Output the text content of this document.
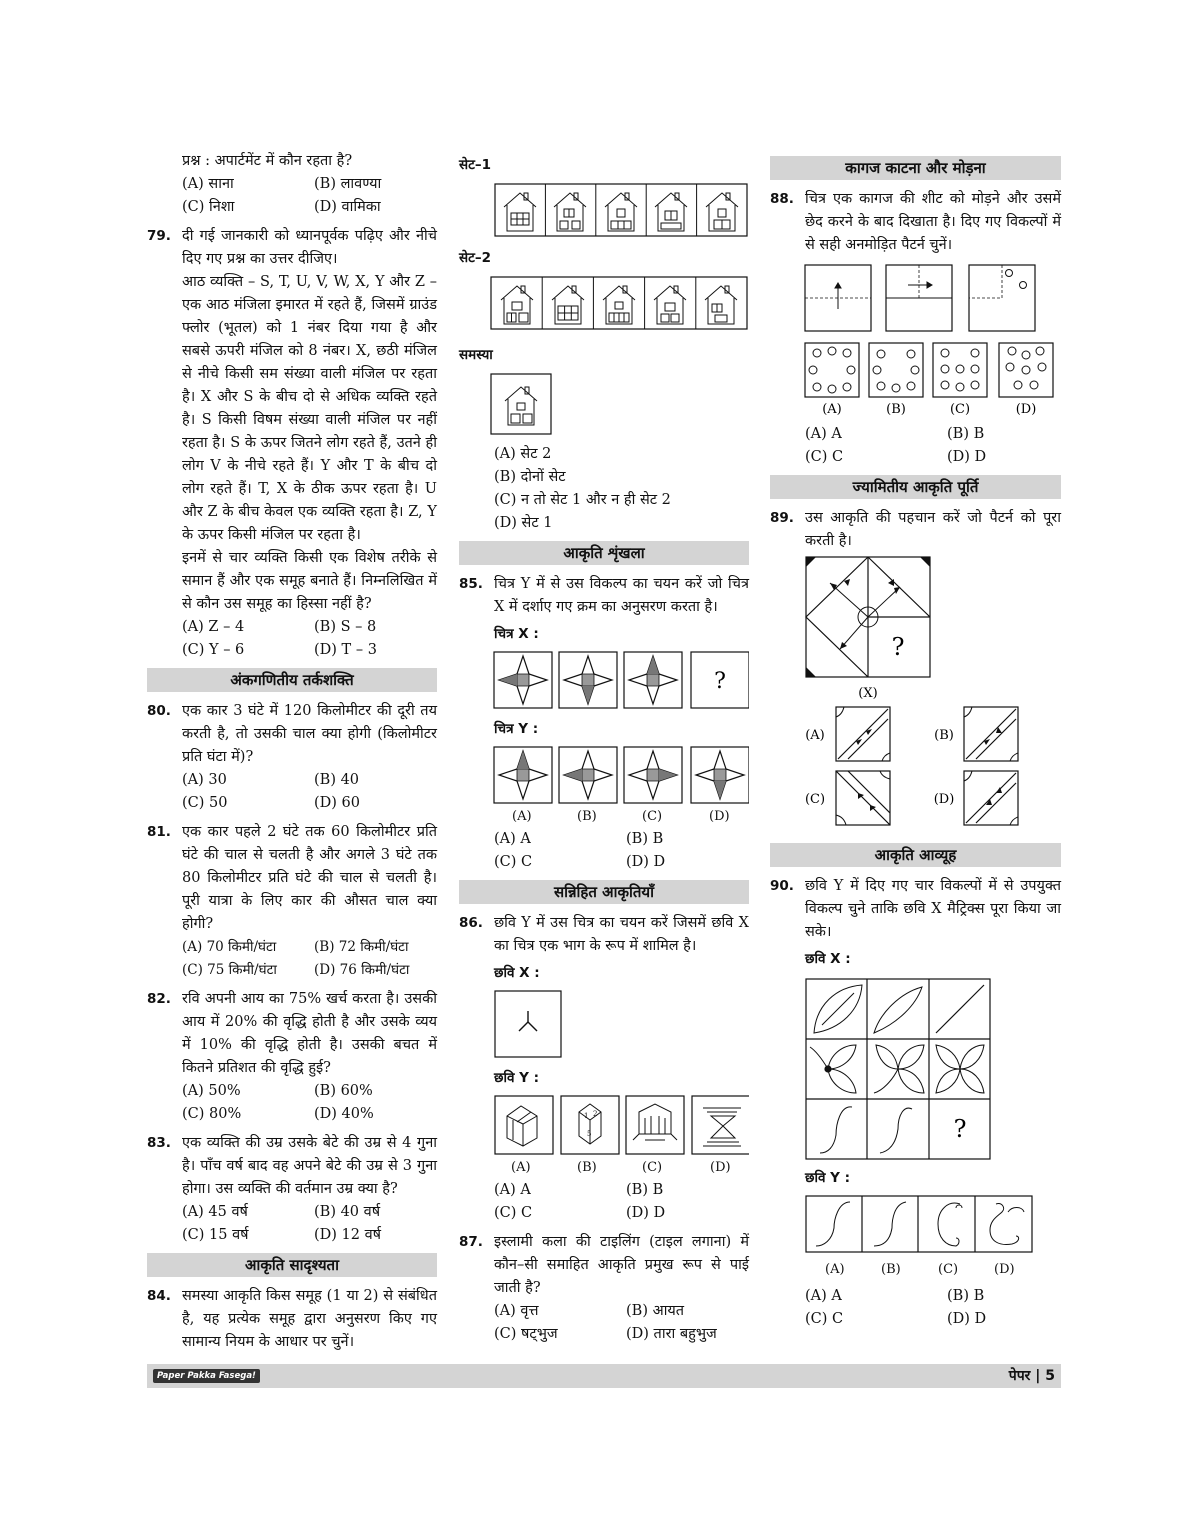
प्रश्न : अपार्टमेंट में कौन रहता है?
(A) साना	(B) लावण्या
(C) निशा	(D) वामिका
79. दी गई जानकारी को ध्यानपूर्वक पढ़िए और नीचे दिए गए प्रश्न का उत्तर दीजिए।
आठ व्यक्ति – S, T, U, V, W, X, Y और Z – एक आठ मंजिला इमारत में रहते हैं, जिसमें ग्राउंड फ्लोर (भूतल) को 1 नंबर दिया गया है और सबसे ऊपरी मंजिल को 8 नंबर। X, छठी मंजिल से नीचे किसी सम संख्या वाली मंजिल पर रहता है। X और S के बीच दो से अधिक व्यक्ति रहते है। S किसी विषम संख्या वाली मंजिल पर नहीं रहता है। S के ऊपर जितने लोग रहते हैं, उतने ही लोग V के नीचे रहते हैं। Y और T के बीच दो लोग रहते हैं। T, X के ठीक ऊपर रहता है। U और Z के बीच केवल एक व्यक्ति रहता है। Z, Y के ऊपर किसी मंजिल पर रहता है।
इनमें से चार व्यक्ति किसी एक विशेष तरीके से समान हैं और एक समूह बनाते हैं। निम्नलिखित में से कौन उस समूह का हिस्सा नहीं है?
(A) Z – 4	(B) S – 8
(C) Y – 6	(D) T – 3
अंकगणितीय तर्कशक्ति
80. एक कार 3 घंटे में 120 किलोमीटर की दूरी तय करती है, तो उसकी चाल क्या होगी (किलोमीटर प्रति घंटा में)?
(A) 30	(B) 40
(C) 50	(D) 60
81. एक कार पहले 2 घंटे तक 60 किलोमीटर प्रति घंटे की चाल से चलती है और अगले 3 घंटे तक 80 किलोमीटर प्रति घंटे की चाल से चलती है। पूरी यात्रा के लिए कार की औसत चाल क्या होगी?
(A) 70 किमी/घंटा	(B) 72 किमी/घंटा
(C) 75 किमी/घंटा	(D) 76 किमी/घंटा
82. रवि अपनी आय का 75% खर्च करता है। उसकी आय में 20% की वृद्धि होती है और उसके व्यय में 10% की वृद्धि होती है। उसकी बचत में कितने प्रतिशत की वृद्धि हुई?
(A) 50%	(B) 60%
(C) 80%	(D) 40%
83. एक व्यक्ति की उम्र उसके बेटे की उम्र से 4 गुना है। पाँच वर्ष बाद वह अपने बेटे की उम्र से 3 गुना होगा। उस व्यक्ति की वर्तमान उम्र क्या है?
(A) 45 वर्ष	(B) 40 वर्ष
(C) 15 वर्ष	(D) 12 वर्ष
आकृति सादृश्यता
84. समस्या आकृति किस समूह (1 या 2) से संबंधित है, यह प्रत्येक समूह द्वारा अनुसरण किए गए सामान्य नियम के आधार पर चुनें।
सेट–1
सेट–2
समस्या
(A) सेट 2
(B) दोनों सेट
(C) न तो सेट 1 और न ही सेट 2
(D) सेट 1
आकृति शृंखला
85. चित्र Y में से उस विकल्प का चयन करें जो चित्र X में दर्शाए गए क्रम का अनुसरण करता है।
चित्र X :
?
चित्र Y :
(A)	(B)	(C)	(D)
(A) A	(B) B
(C) C	(D) D
सन्निहित आकृतियाँ
86. छवि Y में उस चित्र का चयन करें जिसमें छवि X का चित्र एक भाग के रूप में शामिल है।
छवि X :
छवि Y :
1 2
5
(A)	(B)	(C)	(D)
(A) A	(B) B
(C) C	(D) D
87. इस्लामी कला की टाइलिंग (टाइल लगाना) में कौन–सी समाहित आकृति प्रमुख रूप से पाई जाती है?
(A) वृत्त	(B) आयत
(C) षट्भुज	(D) तारा बहुभुज
कागज काटना और मोड़ना
88. चित्र एक कागज की शीट को मोड़ने और उसमें छेद करने के बाद दिखाता है। दिए गए विकल्पों में से सही अनमोड़ित पैटर्न चुनें।
(A)	(B)	(C)	(D)
(A) A	(B) B
(C) C	(D) D
ज्यामितीय आकृति पूर्ति
89. उस आकृति की पहचान करें जो पैटर्न को पूरा करती है।
?
(X)
(A)	(B)
(C)	(D)
आकृति आव्यूह
90. छवि Y में दिए गए चार विकल्पों में से उपयुक्त विकल्प चुने ताकि छवि X मैट्रिक्स पूरा किया जा सके।
छवि X :
?
छवि Y :
(A)	(B)	(C)	(D)
(A) A	(B) B
(C) C	(D) D
Paper Pakka Fasega!	पेपर | 5
